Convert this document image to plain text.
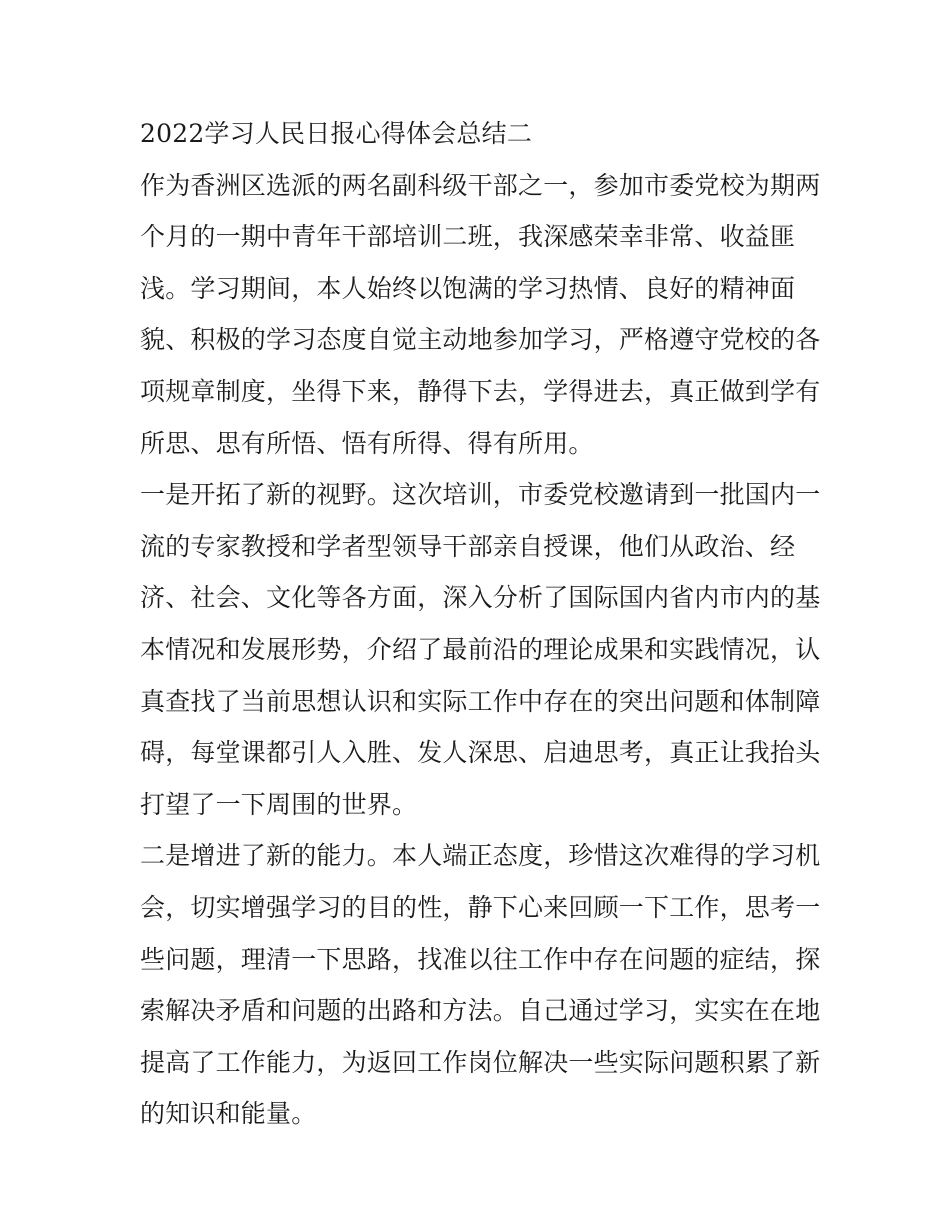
2022学习人民日报心得体会总结二

作为香洲区选派的两名副科级干部之一，参加市委党校为期两
个月的一期中青年干部培训二班，我深感荣幸非常、收益匪
浅。学习期间，本人始终以饱满的学习热情、良好的精神面
貌、积极的学习态度自觉主动地参加学习，严格遵守党校的各
项规章制度，坐得下来，静得下去，学得进去，真正做到学有
所思、思有所悟、悟有所得、得有所用。

一是开拓了新的视野。这次培训，市委党校邀请到一批国内一
流的专家教授和学者型领导干部亲自授课，他们从政治、经
济、社会、文化等各方面，深入分析了国际国内省内市内的基
本情况和发展形势，介绍了最前沿的理论成果和实践情况，认
真查找了当前思想认识和实际工作中存在的突出问题和体制障
碍，每堂课都引人入胜、发人深思、启迪思考，真正让我抬头
打望了一下周围的世界。

二是增进了新的能力。本人端正态度，珍惜这次难得的学习机
会，切实增强学习的目的性，静下心来回顾一下工作，思考一
些问题，理清一下思路，找准以往工作中存在问题的症结，探
索解决矛盾和问题的出路和方法。自己通过学习，实实在在地
提高了工作能力，为返回工作岗位解决一些实际问题积累了新
的知识和能量。
